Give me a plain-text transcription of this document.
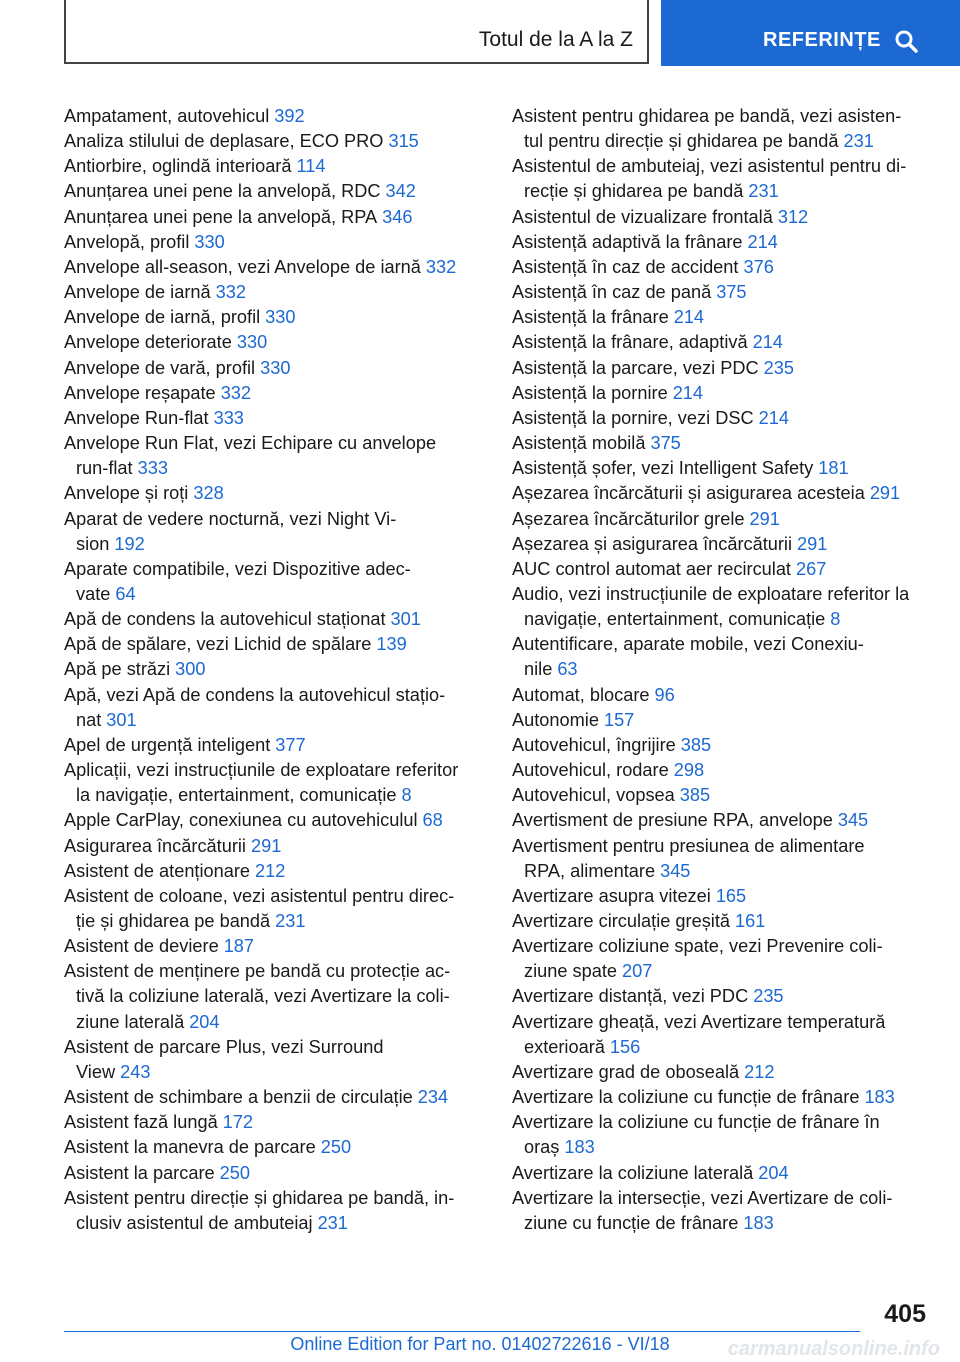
Totul de la A la Z	REFERINȚE
Ampatament, autovehicul 392
Analiza stilului de deplasare, ECO PRO 315
Antiorbire, oglindă interioară 114
Anunțarea unei pene la anvelopă, RDC 342
Anunțarea unei pene la anvelopă, RPA 346
Anvelopă, profil 330
Anvelope all-season, vezi Anvelope de iarnă 332
Anvelope de iarnă 332
Anvelope de iarnă, profil 330
Anvelope deteriorate 330
Anvelope de vară, profil 330
Anvelope reșapate 332
Anvelope Run-flat 333
Anvelope Run Flat, vezi Echipare cu anvelope
run-flat 333
Anvelope și roți 328
Aparat de vedere nocturnă, vezi Night Vi-
sion 192
Aparate compatibile, vezi Dispozitive adec-
vate 64
Apă de condens la autovehicul staționat 301
Apă de spălare, vezi Lichid de spălare 139
Apă pe străzi 300
Apă, vezi Apă de condens la autovehicul stațio-
nat 301
Apel de urgență inteligent 377
Aplicații, vezi instrucțiunile de exploatare referitor
la navigație, entertainment, comunicație 8
Apple CarPlay, conexiunea cu autovehiculul 68
Asigurarea încărcăturii 291
Asistent de atenționare 212
Asistent de coloane, vezi asistentul pentru direc-
ție și ghidarea pe bandă 231
Asistent de deviere 187
Asistent de menținere pe bandă cu protecție ac-
tivă la coliziune laterală, vezi Avertizare la coli-
ziune laterală 204
Asistent de parcare Plus, vezi Surround
View 243
Asistent de schimbare a benzii de circulație 234
Asistent fază lungă 172
Asistent la manevra de parcare 250
Asistent la parcare 250
Asistent pentru direcție și ghidarea pe bandă, in-
clusiv asistentul de ambuteiaj 231
Asistent pentru ghidarea pe bandă, vezi asisten-
tul pentru direcție și ghidarea pe bandă 231
Asistentul de ambuteiaj, vezi asistentul pentru di-
recție și ghidarea pe bandă 231
Asistentul de vizualizare frontală 312
Asistență adaptivă la frânare 214
Asistență în caz de accident 376
Asistență în caz de pană 375
Asistență la frânare 214
Asistență la frânare, adaptivă 214
Asistență la parcare, vezi PDC 235
Asistență la pornire 214
Asistență la pornire, vezi DSC 214
Asistență mobilă 375
Asistență șofer, vezi Intelligent Safety 181
Așezarea încărcăturii și asigurarea acesteia 291
Așezarea încărcăturilor grele 291
Așezarea și asigurarea încărcăturii 291
AUC control automat aer recirculat 267
Audio, vezi instrucțiunile de exploatare referitor la
navigație, entertainment, comunicație 8
Autentificare, aparate mobile, vezi Conexiu-
nile 63
Automat, blocare 96
Autonomie 157
Autovehicul, îngrijire 385
Autovehicul, rodare 298
Autovehicul, vopsea 385
Avertisment de presiune RPA, anvelope 345
Avertisment pentru presiunea de alimentare
RPA, alimentare 345
Avertizare asupra vitezei 165
Avertizare circulație greșită 161
Avertizare coliziune spate, vezi Prevenire coli-
ziune spate 207
Avertizare distanță, vezi PDC 235
Avertizare gheață, vezi Avertizare temperatură
exterioară 156
Avertizare grad de oboseală 212
Avertizare la coliziune cu funcție de frânare 183
Avertizare la coliziune cu funcție de frânare în
oraș 183
Avertizare la coliziune laterală 204
Avertizare la intersecție, vezi Avertizare de coli-
ziune cu funcție de frânare 183
405
Online Edition for Part no. 01402722616 - VI/18	carmanualsonline.info
